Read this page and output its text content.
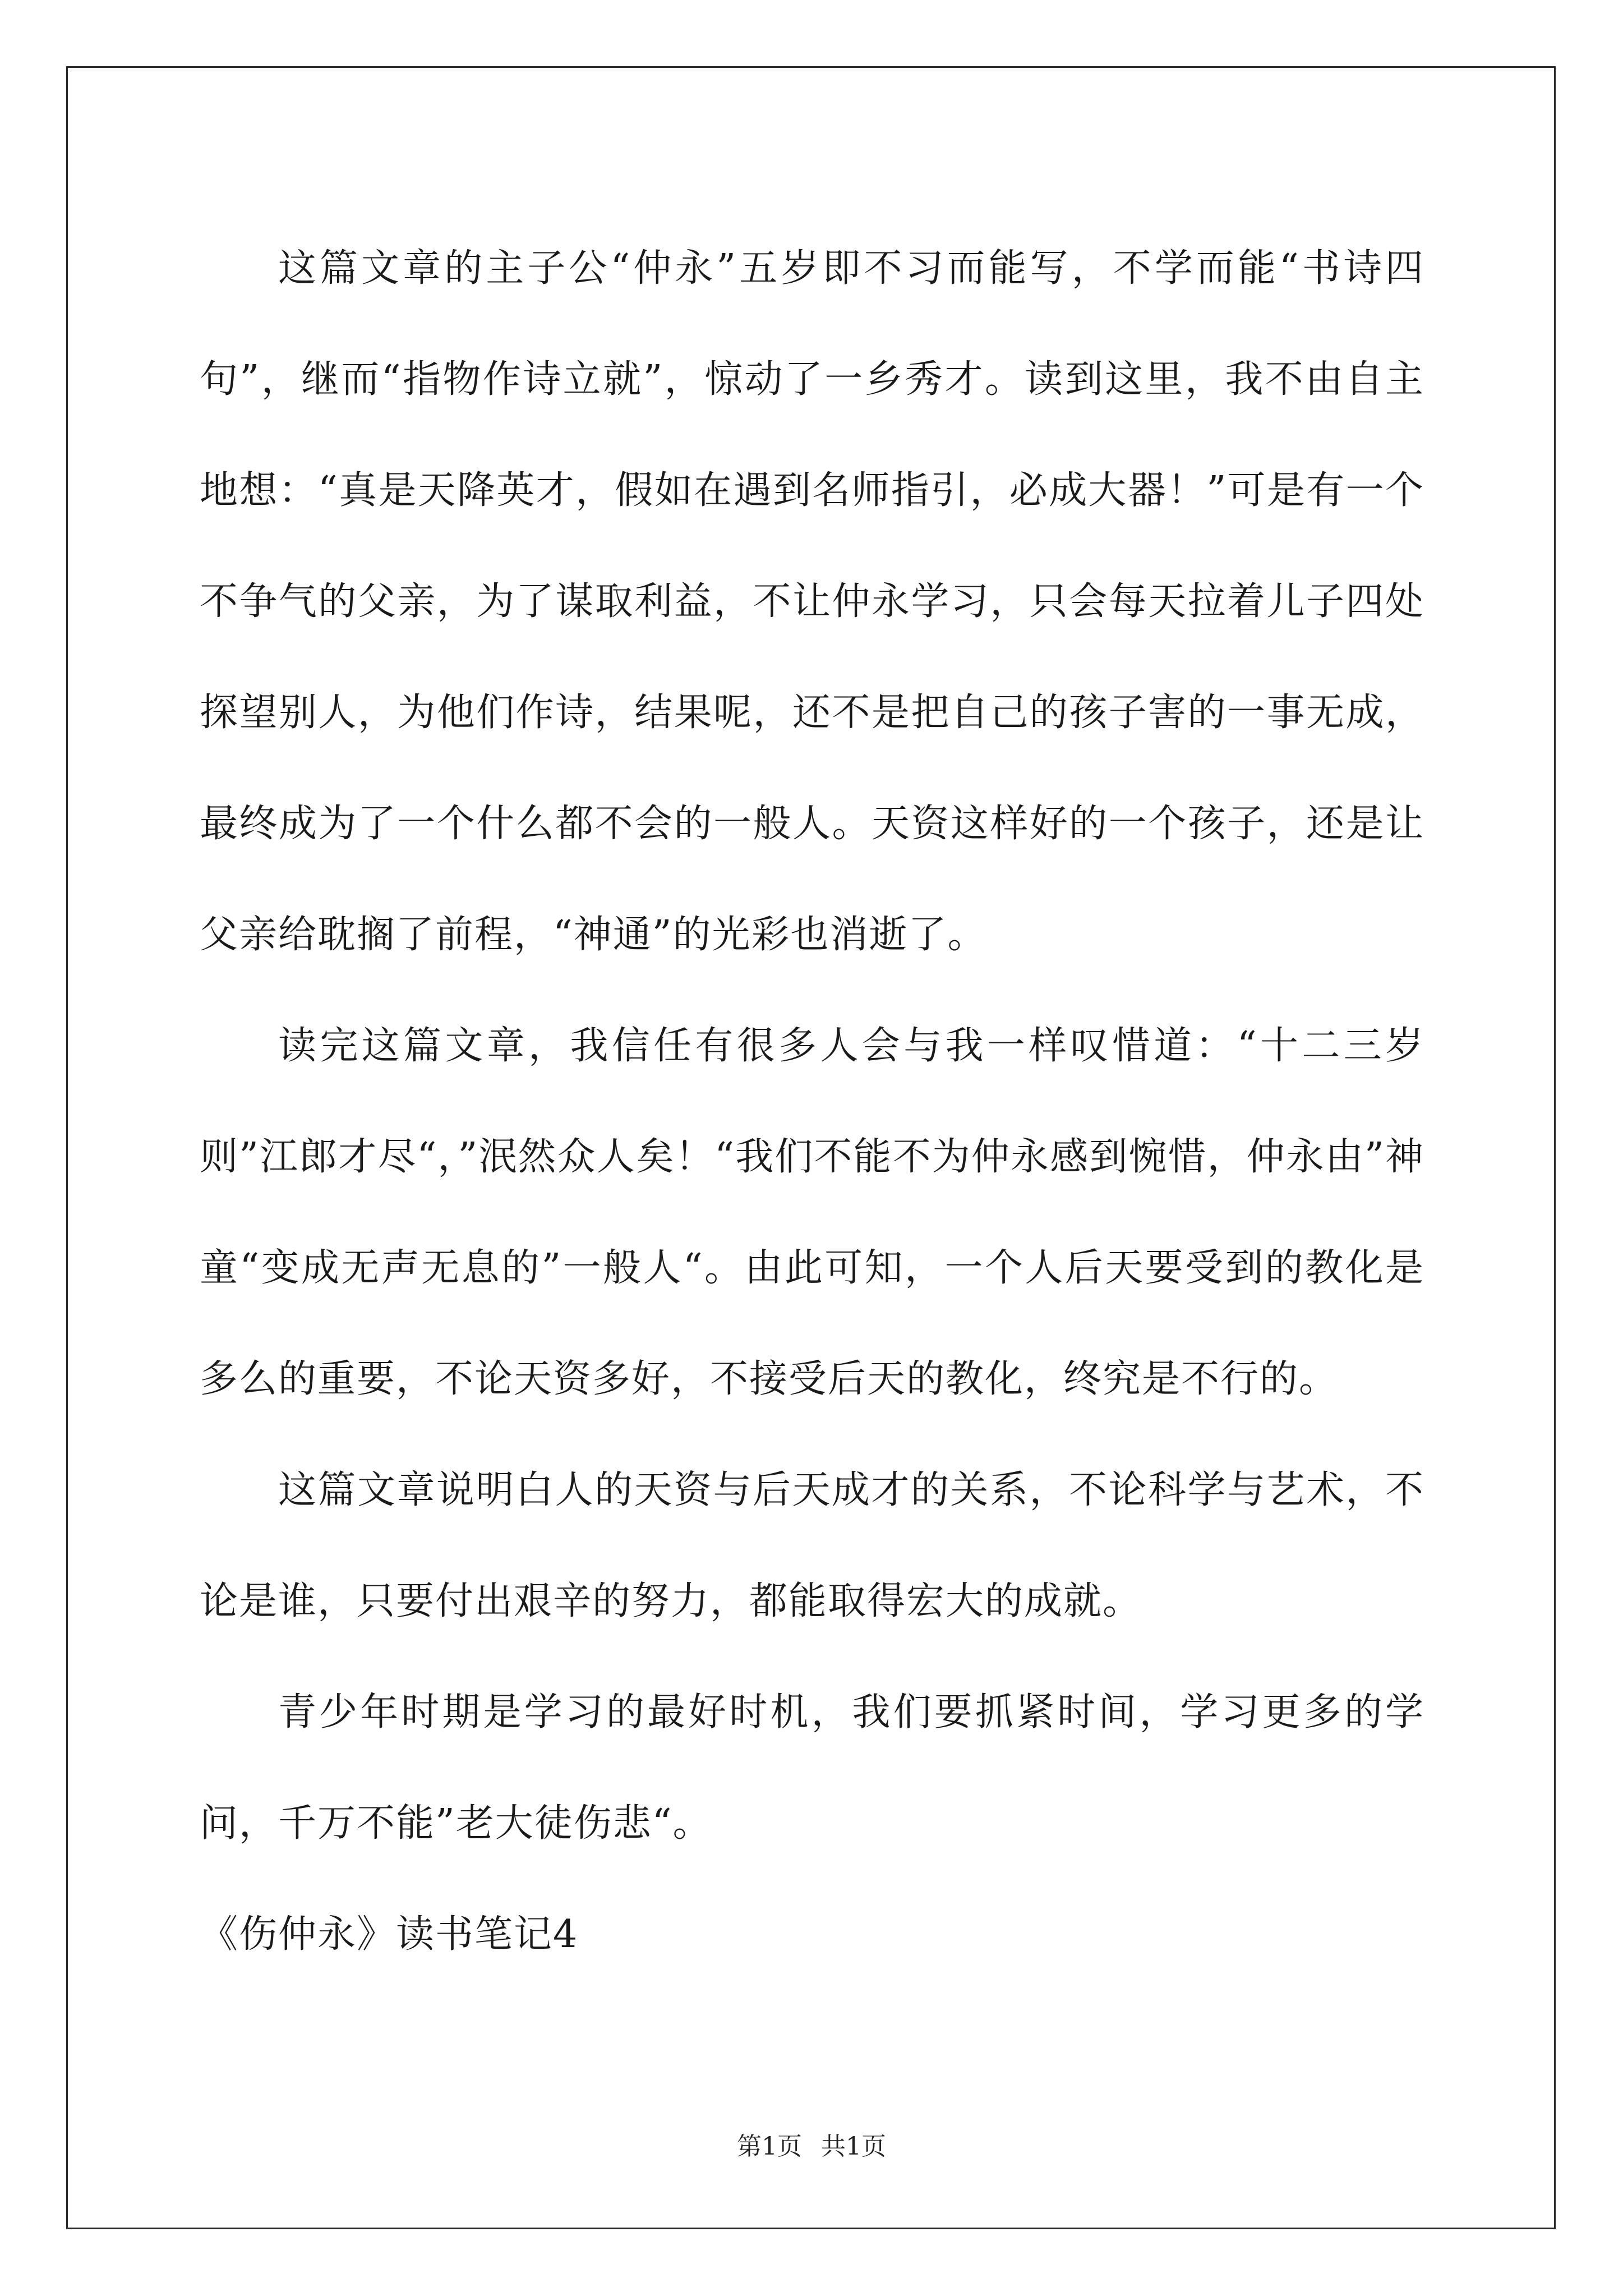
这篇文章的主子公“仲永”五岁即不习而能写，不学而能“书诗四句”，继而“指物作诗立就”，惊动了一乡秀才。读到这里，我不由自主地想：“真是天降英才，假如在遇到名师指引，必成大器！”可是有一个不争气的父亲，为了谋取利益，不让仲永学习，只会每天拉着儿子四处探望别人，为他们作诗，结果呢，还不是把自己的孩子害的一事无成，最终成为了一个什么都不会的一般人。天资这样好的一个孩子，还是让父亲给耽搁了前程，“神通”的光彩也消逝了。

读完这篇文章，我信任有很多人会与我一样叹惜道：“十二三岁则”江郎才尽“，”泯然众人矣！“我们不能不为仲永感到惋惜，仲永由”神童“变成无声无息的”一般人“。由此可知，一个人后天要受到的教化是多么的重要，不论天资多好，不接受后天的教化，终究是不行的。

这篇文章说明白人的天资与后天成才的关系，不论科学与艺术，不论是谁，只要付出艰辛的努力，都能取得宏大的成就。

青少年时期是学习的最好时机，我们要抓紧时间，学习更多的学问，千万不能”老大徒伤悲“。

《伤仲永》读书笔记4

第1页 共1页
